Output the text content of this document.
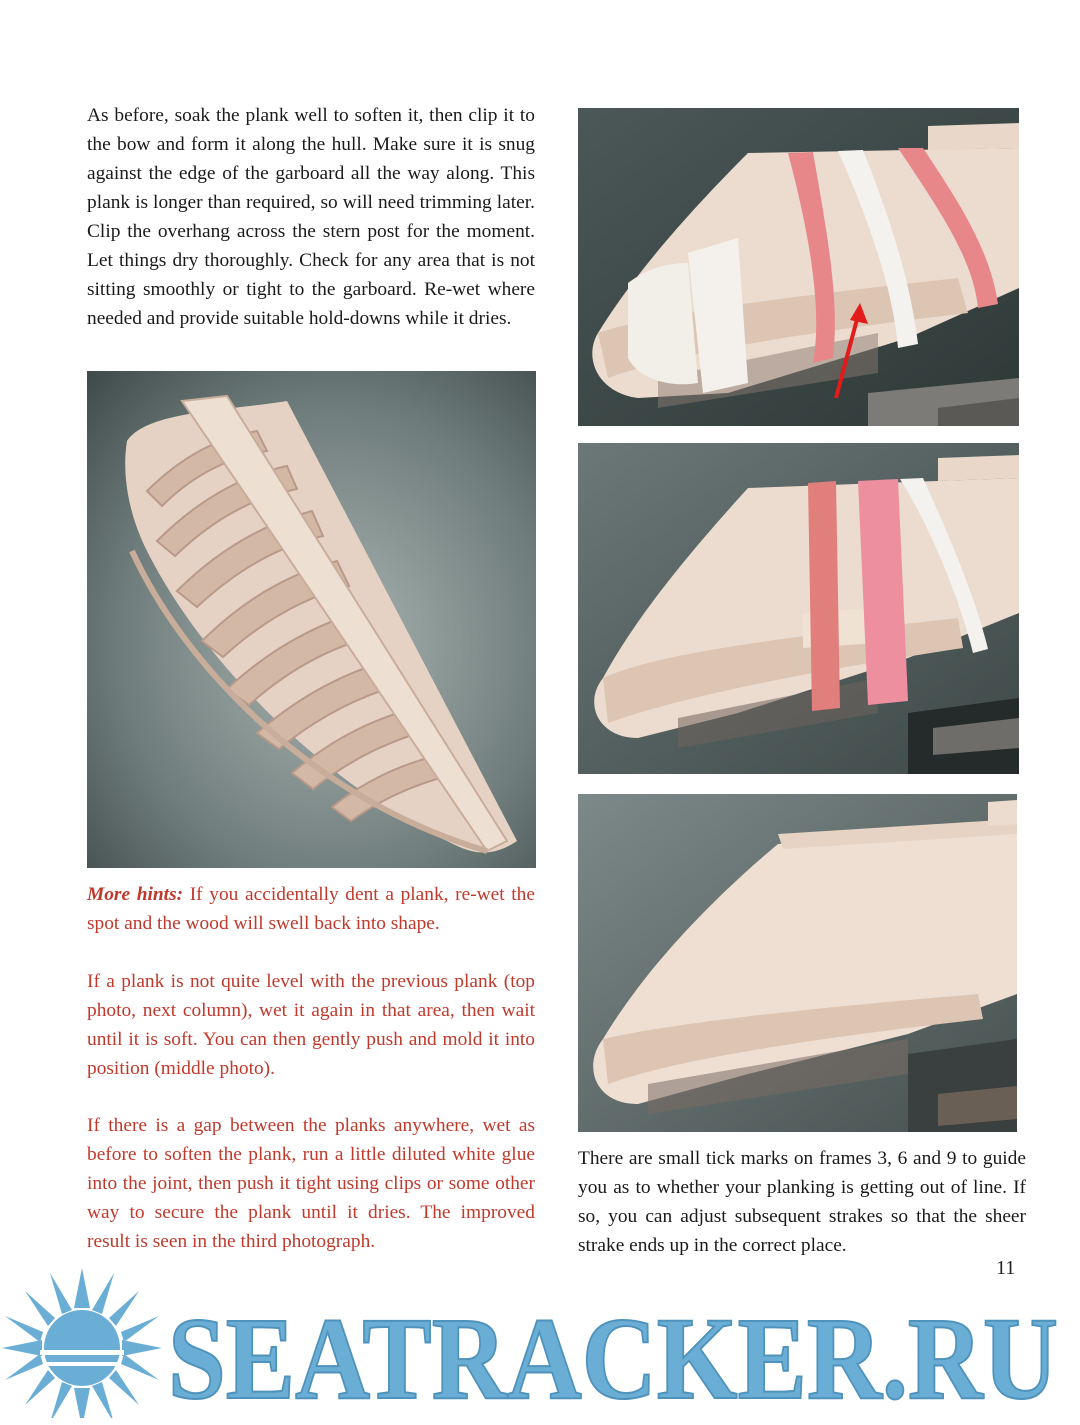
As before, soak the plank well to soften it, then clip it to the bow and form it along the hull. Make sure it is snug against the edge of the garboard all the way along. This plank is longer than required, so will need trimming later. Clip the overhang across the stern post for the moment. Let things dry thoroughly. Check for any area that is not sitting smoothly or tight to the garboard. Re-wet where needed and provide suitable hold-downs while it dries.

More hints: If you accidentally dent a plank, re-wet the spot and the wood will swell back into shape.

If a plank is not quite level with the previous plank (top photo, next column), wet it again in that area, then wait until it is soft. You can then gently push and mold it into position (middle photo).

If there is a gap between the planks anywhere, wet as before to soften the plank, run a little diluted white glue into the joint, then push it tight using clips or some other way to secure the plank until it dries. The improved result is seen in the third photograph.

There are small tick marks on frames 3, 6 and 9 to guide you as to whether your planking is getting out of line. If so, you can adjust subsequent strakes so that the sheer strake ends up in the correct place.

SEATRACKER.RU
11
